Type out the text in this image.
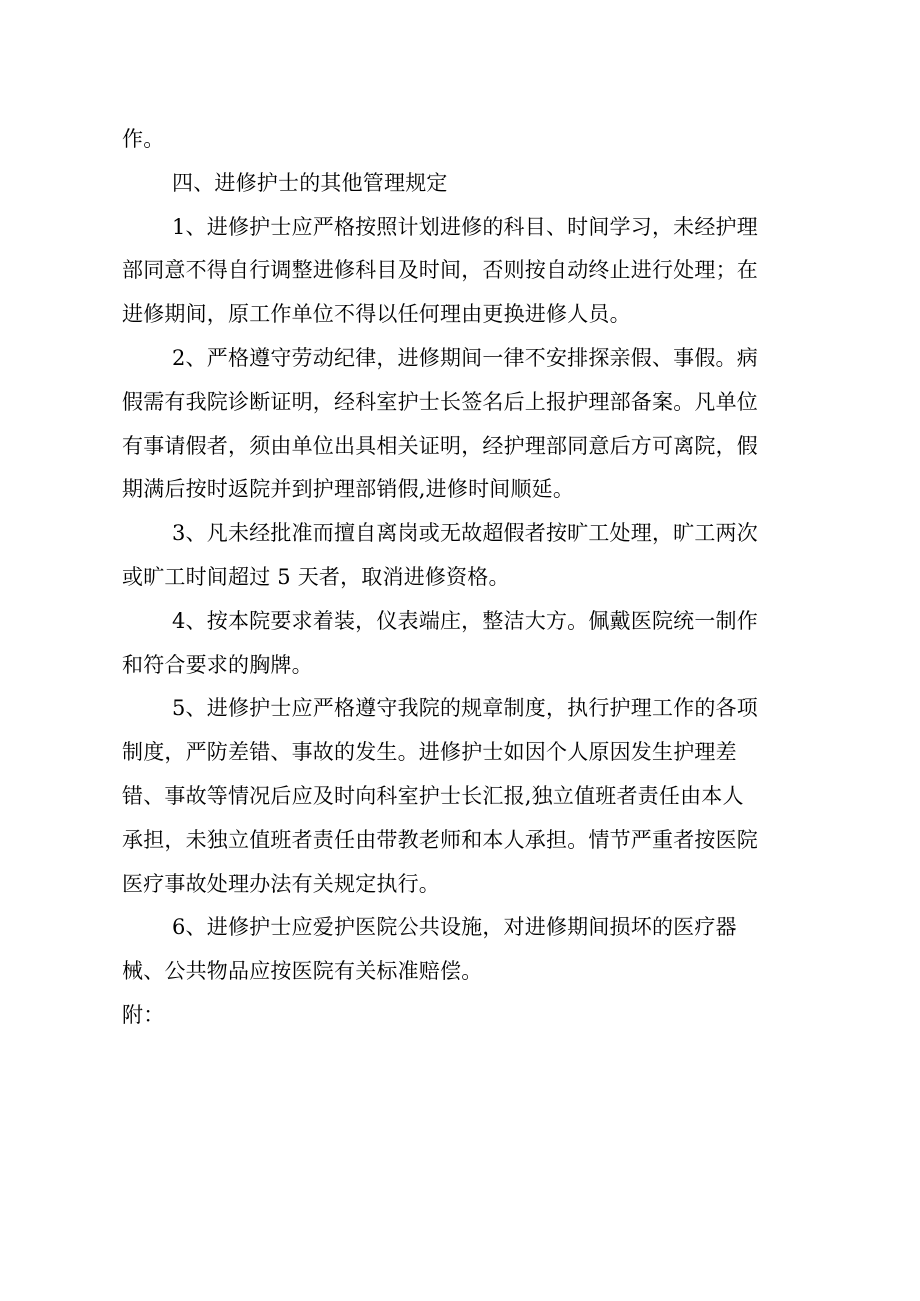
作。
四、进修护士的其他管理规定
1、进修护士应严格按照计划进修的科目、时间学习，未经护理
部同意不得自行调整进修科目及时间，否则按自动终止进行处理；在
进修期间，原工作单位不得以任何理由更换进修人员。
2、严格遵守劳动纪律，进修期间一律不安排探亲假、事假。病
假需有我院诊断证明，经科室护士长签名后上报护理部备案。凡单位
有事请假者，须由单位出具相关证明，经护理部同意后方可离院，假
期满后按时返院并到护理部销假,进修时间顺延。
3、凡未经批准而擅自离岗或无故超假者按旷工处理，旷工两次
或旷工时间超过 5 天者，取消进修资格。
4、按本院要求着装，仪表端庄，整洁大方。佩戴医院统一制作
和符合要求的胸牌。
5、进修护士应严格遵守我院的规章制度，执行护理工作的各项
制度，严防差错、事故的发生。进修护士如因个人原因发生护理差
错、事故等情况后应及时向科室护士长汇报,独立值班者责任由本人
承担，未独立值班者责任由带教老师和本人承担。情节严重者按医院
医疗事故处理办法有关规定执行。
6、进修护士应爱护医院公共设施，对进修期间损坏的医疗器
械、公共物品应按医院有关标准赔偿。
附：
